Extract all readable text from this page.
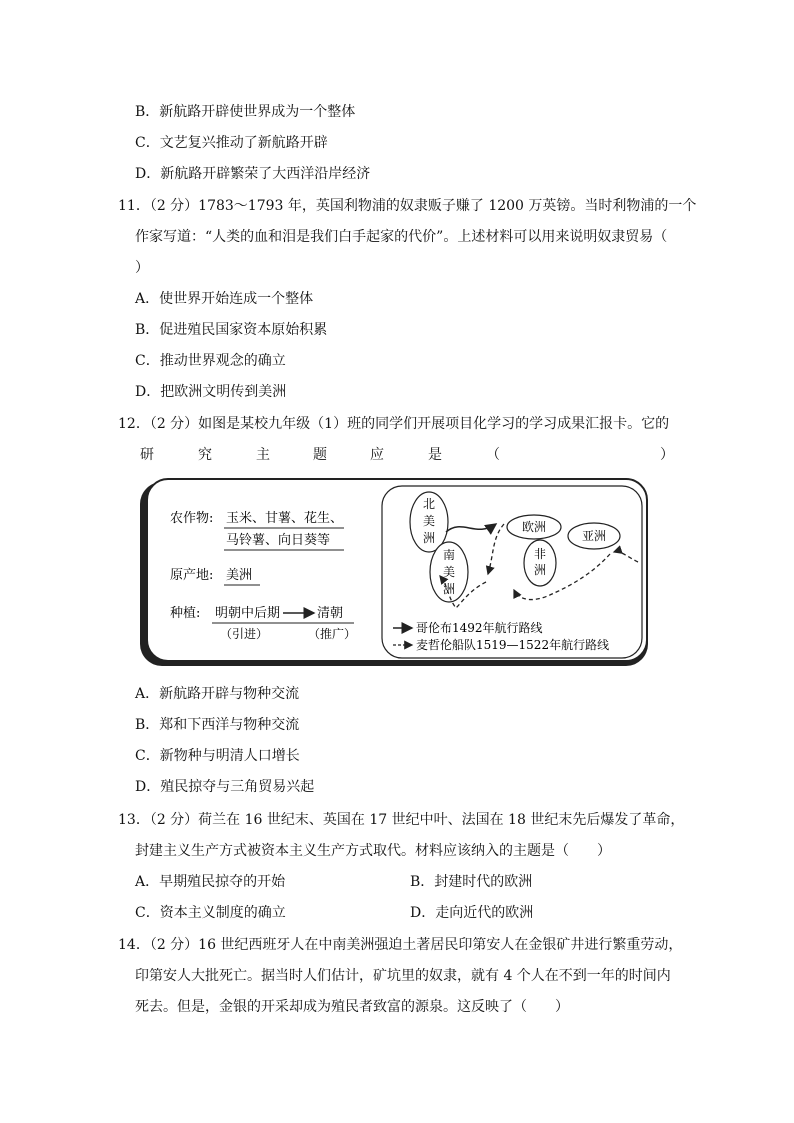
B．新航路开辟使世界成为一个整体
C．文艺复兴推动了新航路开辟
D．新航路开辟繁荣了大西洋沿岸经济
11．（2 分）1783～1793 年，英国利物浦的奴隶贩子赚了 1200 万英镑。当时利物浦的一个
作家写道：“人类的血和泪是我们白手起家的代价”。上述材料可以用来说明奴隶贸易（
）
A．使世界开始连成一个整体
B．促进殖民国家资本原始积累
C．推动世界观念的确立
D．把欧洲文明传到美洲
12．（2 分）如图是某校九年级（1）班的同学们开展项目化学习的学习成果汇报卡。它的
研	究	主	题	应	是	（	）
农作物: 玉米、甘薯、花生、
马铃薯、向日葵等
原产地: 美洲
种植: 明朝中后期	清朝
（引进）	（推广）
北
美
洲
南
美
洲
欧洲
非
洲
亚洲
哥伦布1492年航行路线
麦哲伦船队1519—1522年航行路线
A．新航路开辟与物种交流
B．郑和下西洋与物种交流
C．新物种与明清人口增长
D．殖民掠夺与三角贸易兴起
13．（2 分）荷兰在 16 世纪末、英国在 17 世纪中叶、法国在 18 世纪末先后爆发了革命，
封建主义生产方式被资本主义生产方式取代。材料应该纳入的主题是（　　）
A．早期殖民掠夺的开始	B．封建时代的欧洲
C．资本主义制度的确立	D．走向近代的欧洲
14．（2 分）16 世纪西班牙人在中南美洲强迫土著居民印第安人在金银矿井进行繁重劳动，
印第安人大批死亡。据当时人们估计，矿坑里的奴隶，就有 4 个人在不到一年的时间内
死去。但是，金银的开采却成为殖民者致富的源泉。这反映了（　　）
